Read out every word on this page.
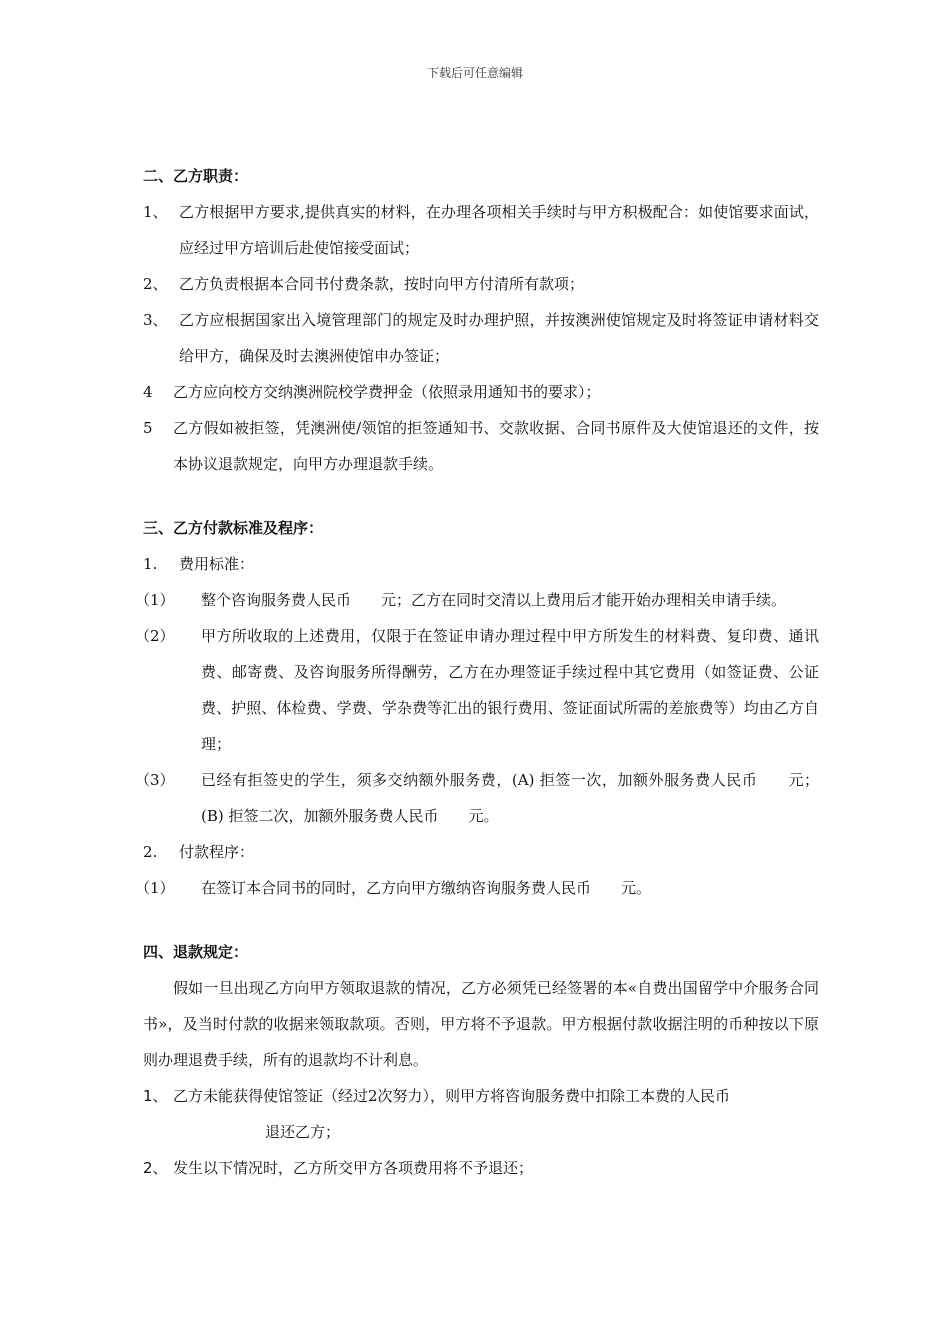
下载后可任意编辑

二、乙方职责：

1、 乙方根据甲方要求,提供真实的材料，在办理各项相关手续时与甲方积极配合：如使馆要求面试，应经过甲方培训后赴使馆接受面试；
2、 乙方负责根据本合同书付费条款，按时向甲方付清所有款项；
3、 乙方应根据国家出入境管理部门的规定及时办理护照，并按澳洲使馆规定及时将签证申请材料交给甲方，确保及时去澳洲使馆申办签证；
4 乙方应向校方交纳澳洲院校学费押金（依照录用通知书的要求）；
5 乙方假如被拒签，凭澳洲使/领馆的拒签通知书、交款收据、合同书原件及大使馆退还的文件，按本协议退款规定，向甲方办理退款手续。

三、乙方付款标准及程序：

1. 费用标准：
（1） 整个咨询服务费人民币　　元；乙方在同时交清以上费用后才能开始办理相关申请手续。
（2） 甲方所收取的上述费用，仅限于在签证申请办理过程中甲方所发生的材料费、复印费、通讯费、邮寄费、及咨询服务所得酬劳，乙方在办理签证手续过程中其它费用（如签证费、公证费、护照、体检费、学费、学杂费等汇出的银行费用、签证面试所需的差旅费等）均由乙方自理；
（3） 已经有拒签史的学生，须多交纳额外服务费，(A) 拒签一次，加额外服务费人民币　　元；(B) 拒签二次，加额外服务费人民币　　元。
2. 付款程序：
（1） 在签订本合同书的同时，乙方向甲方缴纳咨询服务费人民币　　元。

四、退款规定：

假如一旦出现乙方向甲方领取退款的情况，乙方必须凭已经签署的本«自费出国留学中介服务合同书»，及当时付款的收据来领取款项。否则，甲方将不予退款。甲方根据付款收据注明的币种按以下原则办理退费手续，所有的退款均不计利息。

1、 乙方未能获得使馆签证（经过2次努力），则甲方将咨询服务费中扣除工本费的人民币
退还乙方；
2、 发生以下情况时，乙方所交甲方各项费用将不予退还；
